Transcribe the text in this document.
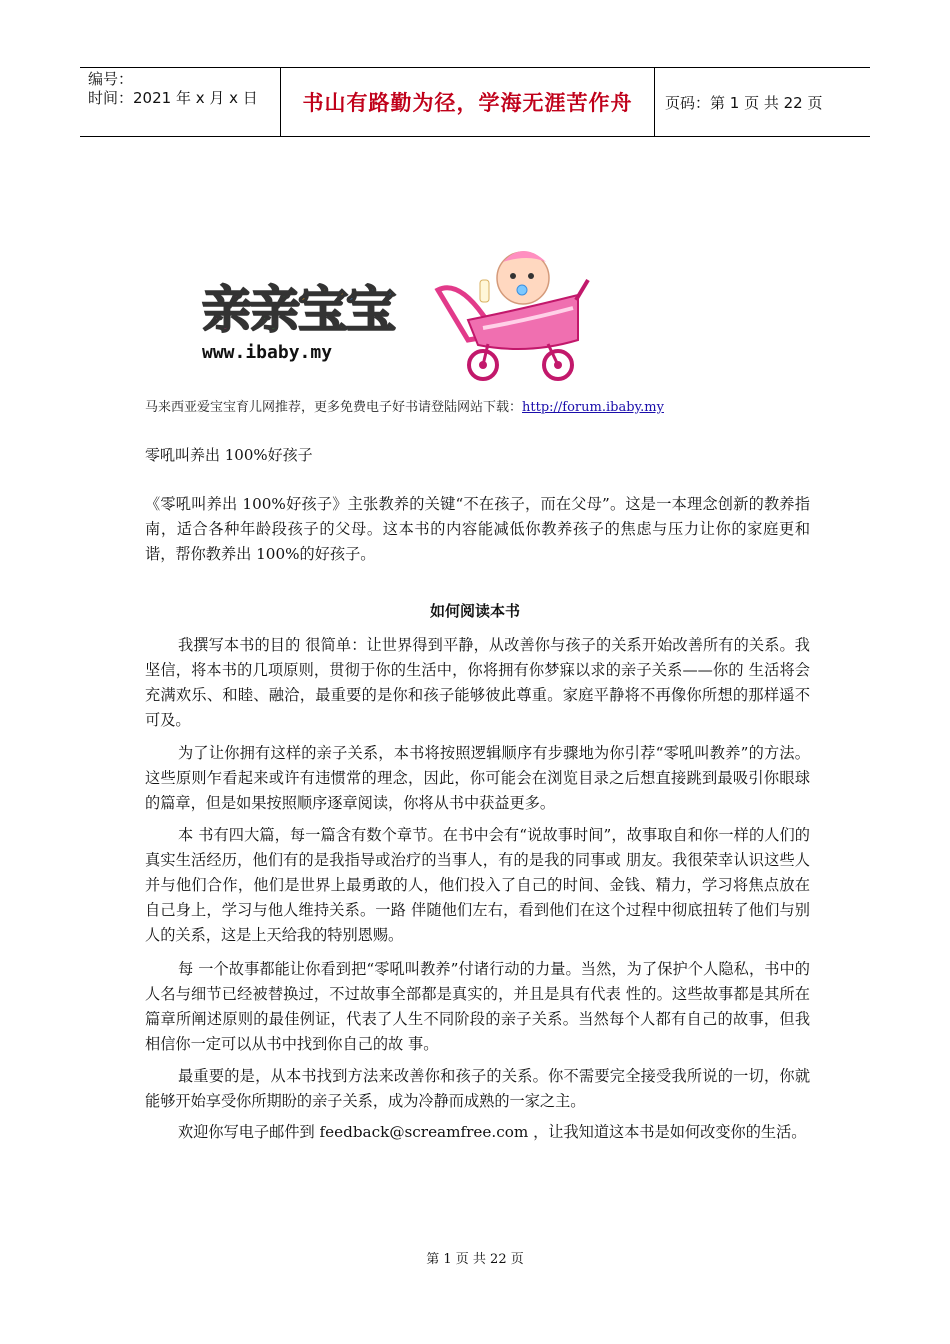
编号：
时间：2021 年 x 月 x 日	书山有路勤为径，学海无涯苦作舟	页码：第 1 页 共 22 页
亲亲宝宝
www.ibaby.my
马来西亚爱宝宝育儿网推荐，更多免费电子好书请登陆网站下载：http://forum.ibaby.my
零吼叫养出 100%好孩子

《零吼叫养出 100%好孩子》主张教养的关键“不在孩子，而在父母”。这是一本理念创新的教养指南，适合各种年龄段孩子的父母。这本书的内容能减低你教养孩子的焦虑与压力让你的家庭更和谐，帮你教养出 100%的好孩子。

如何阅读本书

我撰写本书的目的 很简单：让世界得到平静，从改善你与孩子的关系开始改善所有的关系。我坚信，将本书的几项原则，贯彻于你的生活中，你将拥有你梦寐以求的亲子关系——你的 生活将会充满欢乐、和睦、融洽，最重要的是你和孩子能够彼此尊重。家庭平静将不再像你所想的那样遥不可及。

为了让你拥有这样的亲子关系，本书将按照逻辑顺序有步骤地为你引荐“零吼叫教养”的方法。这些原则乍看起来或许有违惯常的理念，因此，你可能会在浏览目录之后想直接跳到最吸引你眼球的篇章，但是如果按照顺序逐章阅读，你将从书中获益更多。

本 书有四大篇，每一篇含有数个章节。在书中会有“说故事时间”，故事取自和你一样的人们的真实生活经历，他们有的是我指导或治疗的当事人，有的是我的同事或 朋友。我很荣幸认识这些人并与他们合作，他们是世界上最勇敢的人，他们投入了自己的时间、金钱、精力，学习将焦点放在自己身上，学习与他人维持关系。一路 伴随他们左右，看到他们在这个过程中彻底扭转了他们与别人的关系，这是上天给我的特别恩赐。

每 一个故事都能让你看到把“零吼叫教养”付诸行动的力量。当然，为了保护个人隐私，书中的人名与细节已经被替换过，不过故事全部都是真实的，并且是具有代表 性的。这些故事都是其所在篇章所阐述原则的最佳例证，代表了人生不同阶段的亲子关系。当然每个人都有自己的故事，但我相信你一定可以从书中找到你自己的故 事。

最重要的是，从本书找到方法来改善你和孩子的关系。你不需要完全接受我所说的一切，你就能够开始享受你所期盼的亲子关系，成为冷静而成熟的一家之主。

欢迎你写电子邮件到 feedback@screamfree.com ，让我知道这本书是如何改变你的生活。

第 1 页 共 22 页
